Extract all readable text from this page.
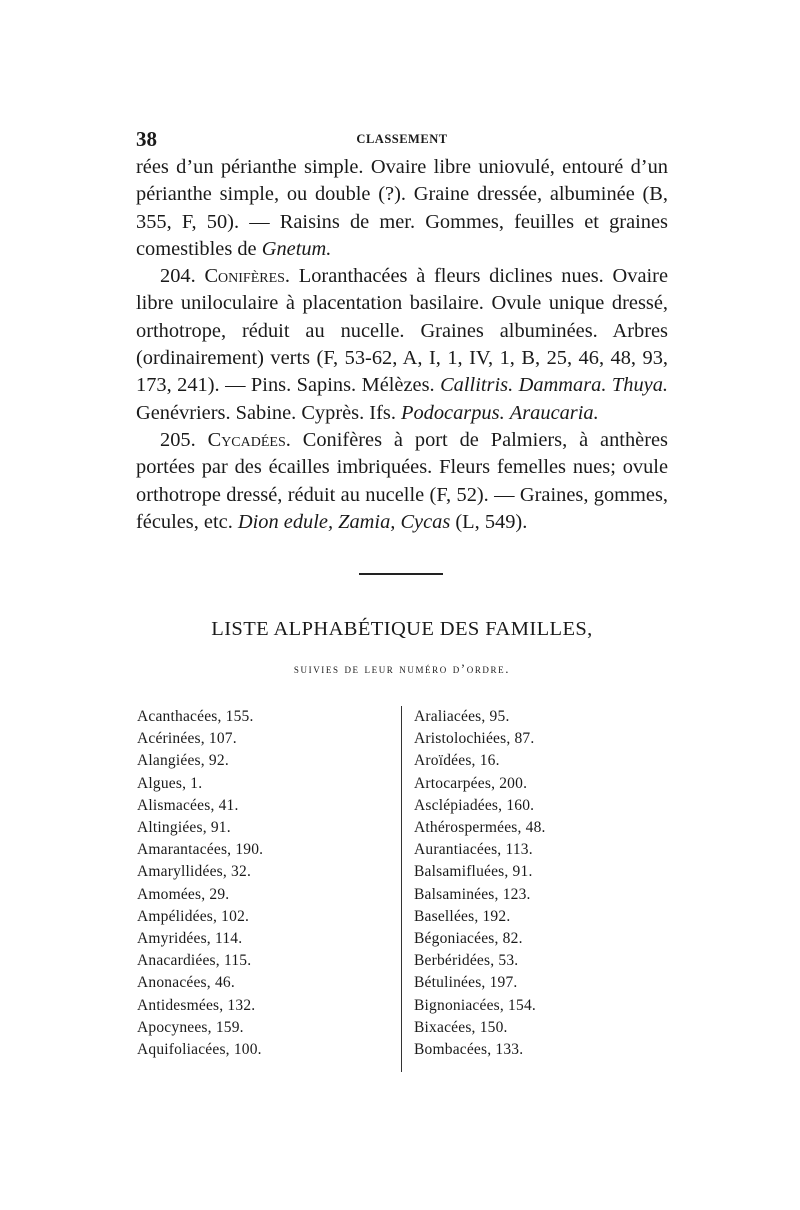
38	CLASSEMENT

rées d’un périanthe simple. Ovaire libre uniovulé, entouré d’un périanthe simple, ou double (?). Graine dressée, albuminée (B, 355, F, 50). — Raisins de mer. Gommes, feuilles et graines comestibles de Gnetum.

204. Conifères. Loranthacées à fleurs diclines nues. Ovaire libre uniloculaire à placentation basilaire. Ovule unique dressé, orthotrope, réduit au nucelle. Graines albuminées. Arbres (ordinairement) verts (F, 53-62, A, I, 1, IV, 1, B, 25, 46, 48, 93, 173, 241). — Pins. Sapins. Mélèzes. Callitris. Dammara. Thuya. Genévriers. Sabine. Cyprès. Ifs. Podocarpus. Araucaria.

205. Cycadées. Conifères à port de Palmiers, à anthères portées par des écailles imbriquées. Fleurs femelles nues; ovule orthotrope dressé, réduit au nucelle (F, 52). — Graines, gommes, fécules, etc. Dion edule, Zamia, Cycas (L, 549).

LISTE ALPHABÉTIQUE DES FAMILLES,
suivies de leur numéro d’ordre.
Acanthacées, 155.
Acérinées, 107.
Alangiées, 92.
Algues, 1.
Alismacées, 41.
Altingiées, 91.
Amarantacées, 190.
Amaryllidées, 32.
Amomées, 29.
Ampélidées, 102.
Amyridées, 114.
Anacardiées, 115.
Anonacées, 46.
Antidesmées, 132.
Apocynees, 159.
Aquifoliacées, 100.
Araliacées, 95.
Aristolochiées, 87.
Aroïdées, 16.
Artocarpées, 200.
Asclépiadées, 160.
Athérospermées, 48.
Aurantiacées, 113.
Balsamifluées, 91.
Balsaminées, 123.
Basellées, 192.
Bégoniacées, 82.
Berbéridées, 53.
Bétulinées, 197.
Bignoniacées, 154.
Bixacées, 150.
Bombacées, 133.
